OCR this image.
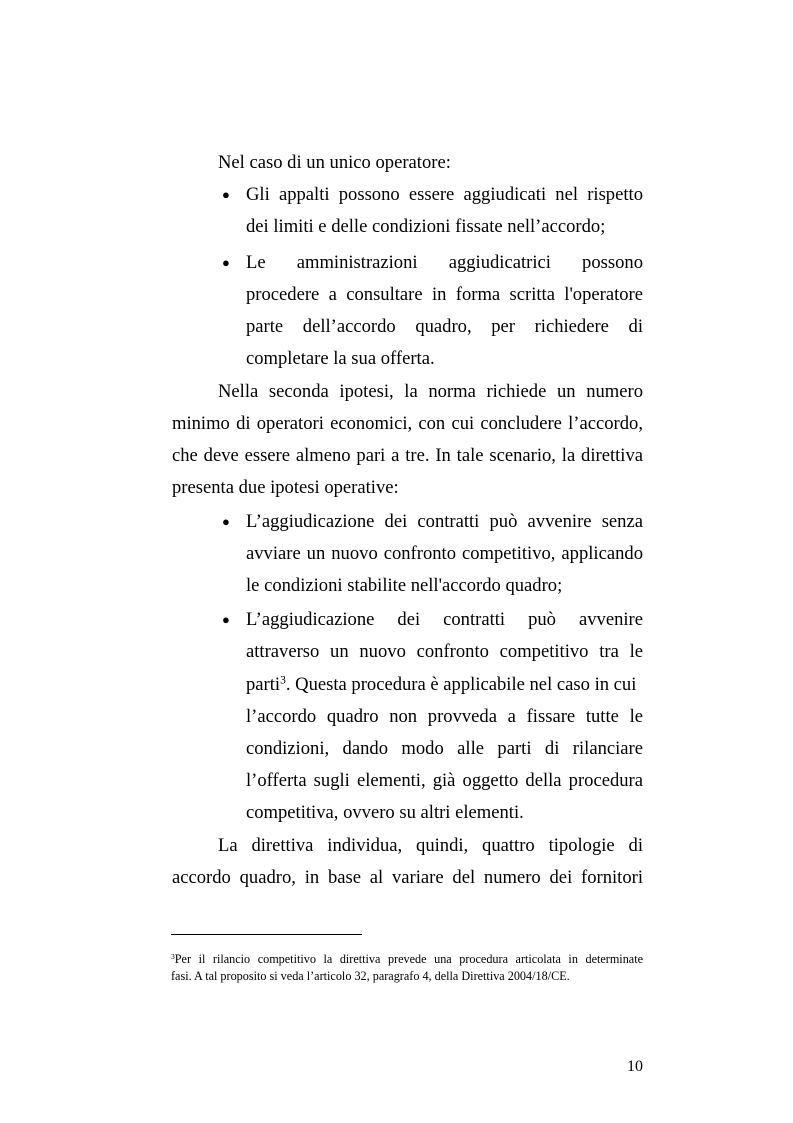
Nel caso di un unico operatore:

● Gli appalti possono essere aggiudicati nel rispetto

dei limiti e delle condizioni fissate nell’accordo;

● Le amministrazioni aggiudicatrici possono

procedere a consultare in forma scritta l'operatore

parte dell’accordo quadro, per richiedere di

completare la sua offerta.

Nella seconda ipotesi, la norma richiede un numero

minimo di operatori economici, con cui concludere l’accordo,

che deve essere almeno pari a tre. In tale scenario, la direttiva

presenta due ipotesi operative:

● L’aggiudicazione dei contratti può avvenire senza

avviare un nuovo confronto competitivo, applicando

le condizioni stabilite nell'accordo quadro;

● L’aggiudicazione dei contratti può avvenire

attraverso un nuovo confronto competitivo tra le

parti$^3$. Questa procedura è applicabile nel caso in cui

l’accordo quadro non provveda a fissare tutte le

condizioni, dando modo alle parti di rilanciare

l’offerta sugli elementi, già oggetto della procedura

competitiva, ovvero su altri elementi.

La direttiva individua, quindi, quattro tipologie di

accordo quadro, in base al variare del numero dei fornitori

$^3$Per il rilancio competitivo la direttiva prevede una procedura articolata in determinate

fasi. A tal proposito si veda l’articolo 32, paragrafo 4, della Direttiva 2004/18/CE.

10
